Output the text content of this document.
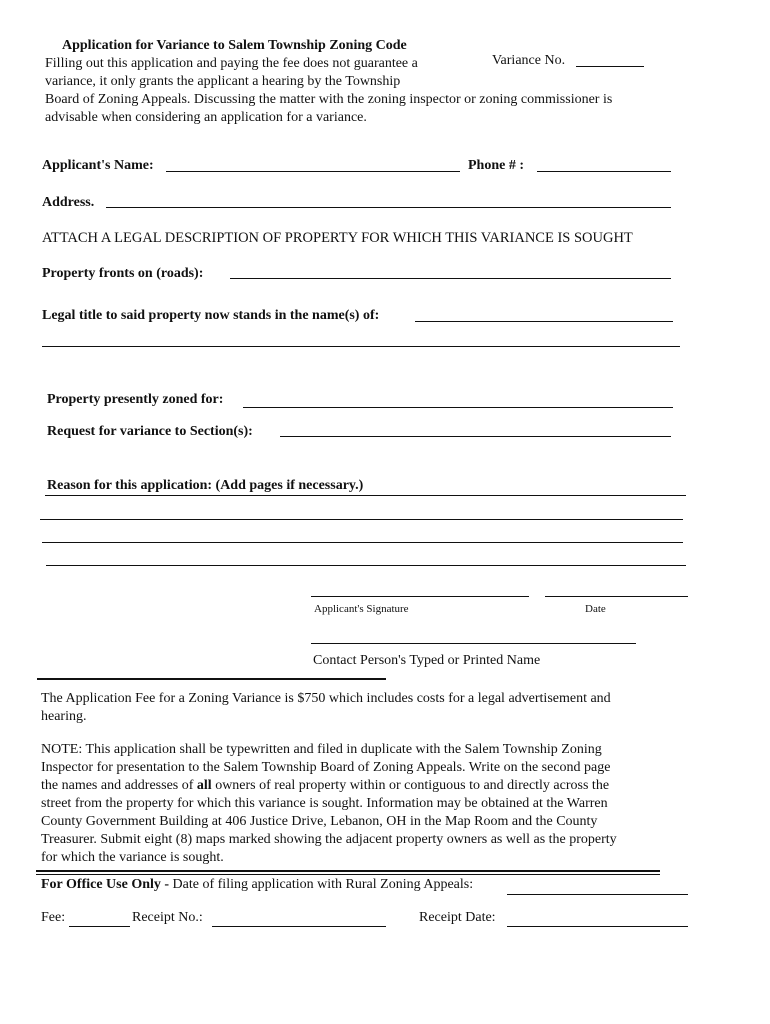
Application for Variance to Salem Township Zoning Code
Variance No.
Filling out this application and paying the fee does not guarantee a
variance, it only grants the applicant a hearing by the Township
Board of Zoning Appeals. Discussing the matter with the zoning inspector or zoning commissioner is
advisable when considering an application for a variance.
Applicant's Name:	Phone # :
Address.
ATTACH A LEGAL DESCRIPTION OF PROPERTY FOR WHICH THIS VARIANCE IS SOUGHT
Property fronts on (roads):
Legal title to said property now stands in the name(s) of:
Property presently zoned for:
Request for variance to Section(s):
Reason for this application: (Add pages if necessary.)
Applicant's Signature	Date
Contact Person's Typed or Printed Name
The Application Fee for a Zoning Variance is $750 which includes costs for a legal advertisement and
hearing.
NOTE: This application shall be typewritten and filed in duplicate with the Salem Township Zoning
Inspector for presentation to the Salem Township Board of Zoning Appeals. Write on the second page
the names and addresses of all owners of real property within or contiguous to and directly across the
street from the property for which this variance is sought. Information may be obtained at the Warren
County Government Building at 406 Justice Drive, Lebanon, OH in the Map Room and the County
Treasurer. Submit eight (8) maps marked showing the adjacent property owners as well as the property
for which the variance is sought.
For Office Use Only - Date of filing application with Rural Zoning Appeals:
Fee:	Receipt No.:	Receipt Date:
